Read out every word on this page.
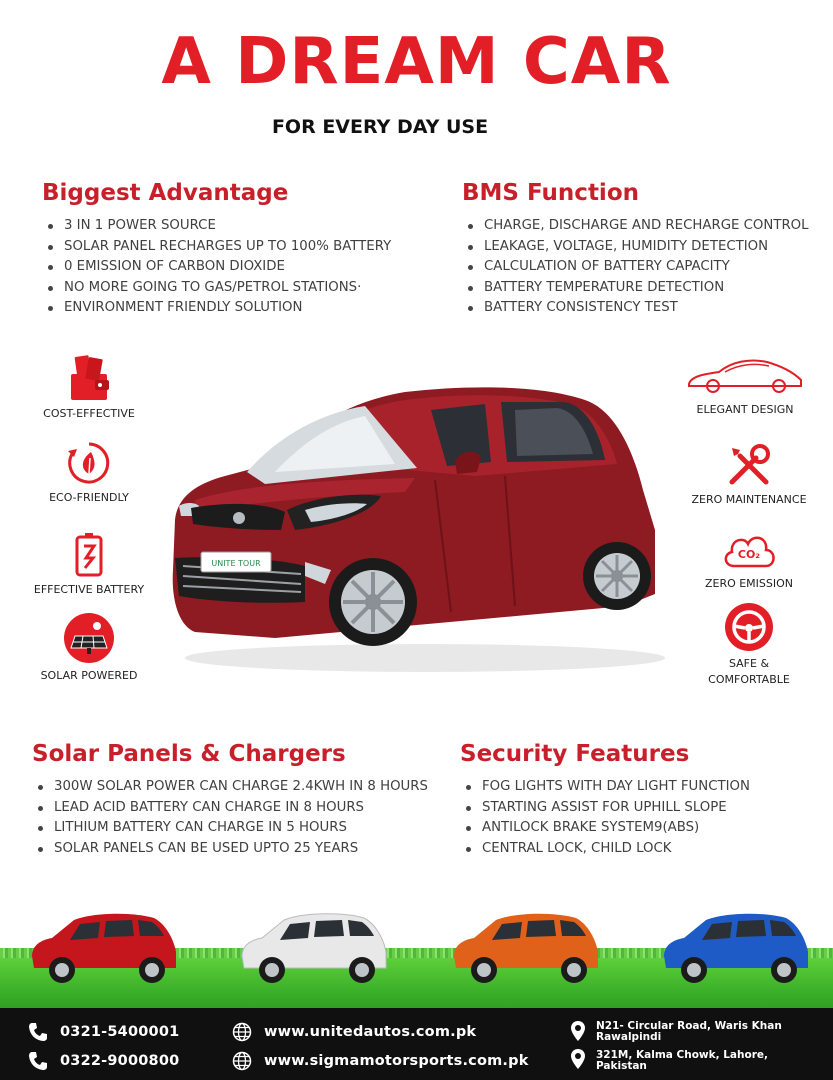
A DREAM CAR
FOR EVERY DAY USE
Biggest Advantage
3 IN 1 POWER SOURCE
SOLAR PANEL RECHARGES UP TO 100% BATTERY
0 EMISSION OF CARBON DIOXIDE
NO MORE GOING TO GAS/PETROL STATIONS·
ENVIRONMENT FRIENDLY SOLUTION
BMS Function
CHARGE, DISCHARGE AND RECHARGE CONTROL
LEAKAGE, VOLTAGE, HUMIDITY DETECTION
CALCULATION OF BATTERY CAPACITY
BATTERY TEMPERATURE DETECTION
BATTERY CONSISTENCY TEST
COST-EFFECTIVE
ECO-FRIENDLY
EFFECTIVE BATTERY
SOLAR POWERED
ELEGANT DESIGN
ZERO MAINTENANCE
CO₂
ZERO EMISSION
SAFE &
COMFORTABLE
UNITE TOUR
Solar Panels & Chargers
300W SOLAR POWER CAN CHARGE 2.4KWH IN 8 HOURS
LEAD ACID BATTERY CAN CHARGE IN 8 HOURS
LITHIUM BATTERY CAN CHARGE IN 5 HOURS
SOLAR PANELS CAN BE USED UPTO 25 YEARS
Security Features
FOG LIGHTS WITH DAY LIGHT FUNCTION
STARTING ASSIST FOR UPHILL SLOPE
ANTILOCK BRAKE SYSTEM9(ABS)
CENTRAL LOCK, CHILD LOCK
0321-5400001
0322-9000800
www.unitedautos.com.pk
www.sigmamotorsports.com.pk
N21- Circular Road, Waris Khan
Rawalpindi
321M, Kalma Chowk, Lahore,
Pakistan
